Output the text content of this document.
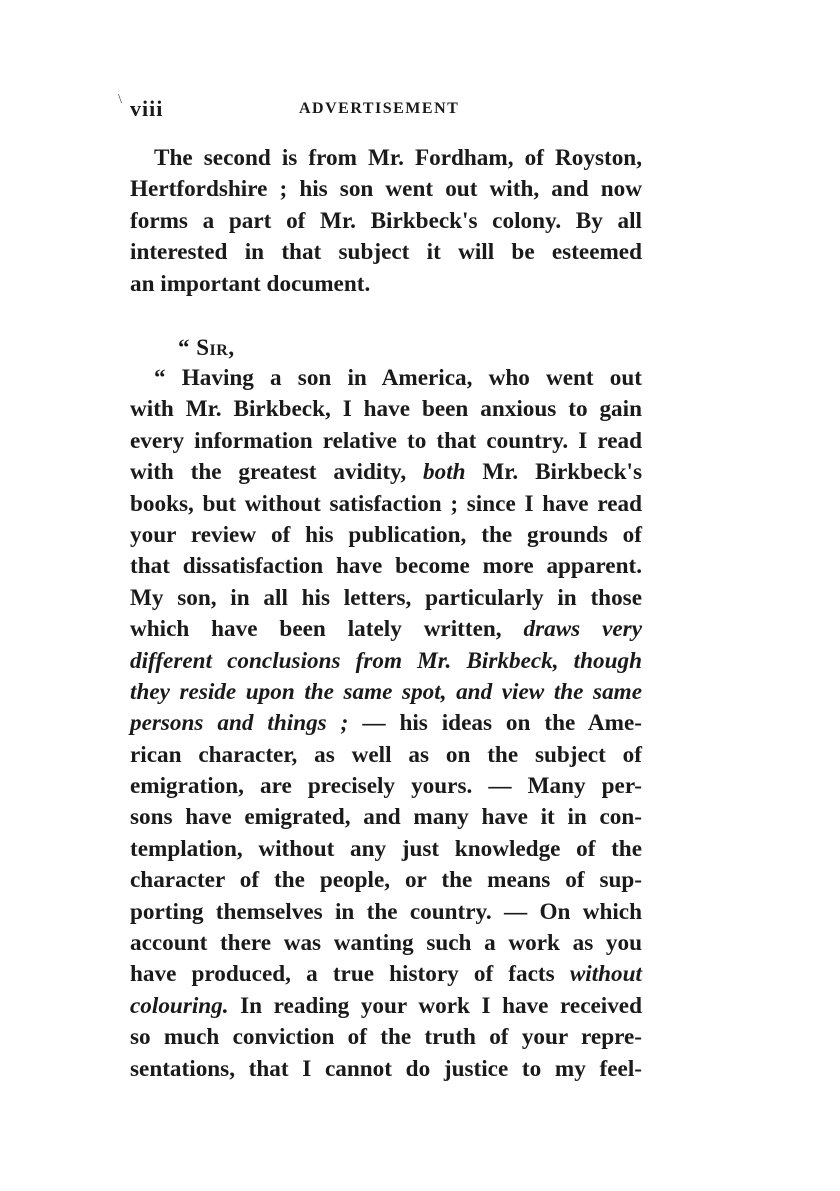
\ viii	ADVERTISEMENT
The second is from Mr. Fordham, of Royston,
Hertfordshire ; his son went out with, and now
forms a part of Mr. Birkbeck's colony. By all
interested in that subject it will be esteemed
an important document.
“ Sir,
“ Having a son in America, who went out
with Mr. Birkbeck, I have been anxious to gain
every information relative to that country. I read
with the greatest avidity, both Mr. Birkbeck's
books, but without satisfaction ; since I have read
your review of his publication, the grounds of
that dissatisfaction have become more apparent.
My son, in all his letters, particularly in those
which have been lately written, draws very
different conclusions from Mr. Birkbeck, though
they reside upon the same spot, and view the same
persons and things ; — his ideas on the Ame-
rican character, as well as on the subject of
emigration, are precisely yours. — Many per-
sons have emigrated, and many have it in con-
templation, without any just knowledge of the
character of the people, or the means of sup-
porting themselves in the country. — On which
account there was wanting such a work as you
have produced, a true history of facts without
colouring. In reading your work I have received
so much conviction of the truth of your repre-
sentations, that I cannot do justice to my feel-
